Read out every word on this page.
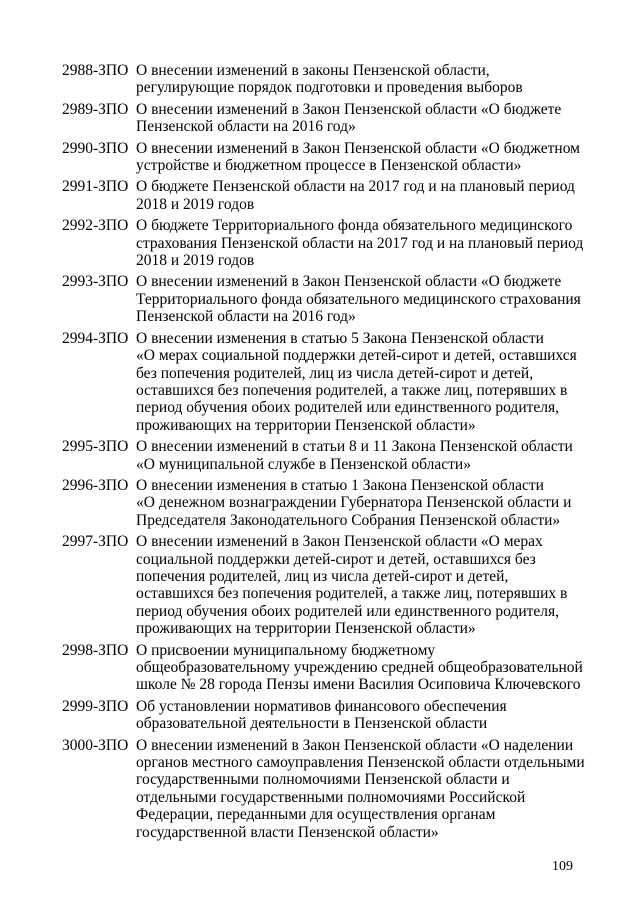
2988-ЗПО О внесении изменений в законы Пензенской области,
регулирующие порядок подготовки и проведения выборов
2989-ЗПО О внесении изменений в Закон Пензенской области «О бюджете
Пензенской области на 2016 год»
2990-ЗПО О внесении изменений в Закон Пензенской области «О бюджетном
устройстве и бюджетном процессе в Пензенской области»
2991-ЗПО О бюджете Пензенской области на 2017 год и на плановый период
2018 и 2019 годов
2992-ЗПО О бюджете Территориального фонда обязательного медицинского
страхования Пензенской области на 2017 год и на плановый период
2018 и 2019 годов
2993-ЗПО О внесении изменений в Закон Пензенской области «О бюджете
Территориального фонда обязательного медицинского страхования
Пензенской области на 2016 год»
2994-ЗПО О внесении изменения в статью 5 Закона Пензенской области
«О мерах социальной поддержки детей-сирот и детей, оставшихся
без попечения родителей, лиц из числа детей-сирот и детей,
оставшихся без попечения родителей, а также лиц, потерявших в
период обучения обоих родителей или единственного родителя,
проживающих на территории Пензенской области»
2995-ЗПО О внесении изменений в статьи 8 и 11 Закона Пензенской области
«О муниципальной службе в Пензенской области»
2996-ЗПО О внесении изменения в статью 1 Закона Пензенской области
«О денежном вознаграждении Губернатора Пензенской области и
Председателя Законодательного Собрания Пензенской области»
2997-ЗПО О внесении изменений в Закон Пензенской области «О мерах
социальной поддержки детей-сирот и детей, оставшихся без
попечения родителей, лиц из числа детей-сирот и детей,
оставшихся без попечения родителей, а также лиц, потерявших в
период обучения обоих родителей или единственного родителя,
проживающих на территории Пензенской области»
2998-ЗПО О присвоении муниципальному бюджетному
общеобразовательному учреждению средней общеобразовательной
школе № 28 города Пензы имени Василия Осиповича Ключевского
2999-ЗПО Об установлении нормативов финансового обеспечения
образовательной деятельности в Пензенской области
3000-ЗПО О внесении изменений в Закон Пензенской области «О наделении
органов местного самоуправления Пензенской области отдельными
государственными полномочиями Пензенской области и
отдельными государственными полномочиями Российской
Федерации, переданными для осуществления органам
государственной власти Пензенской области»
109
